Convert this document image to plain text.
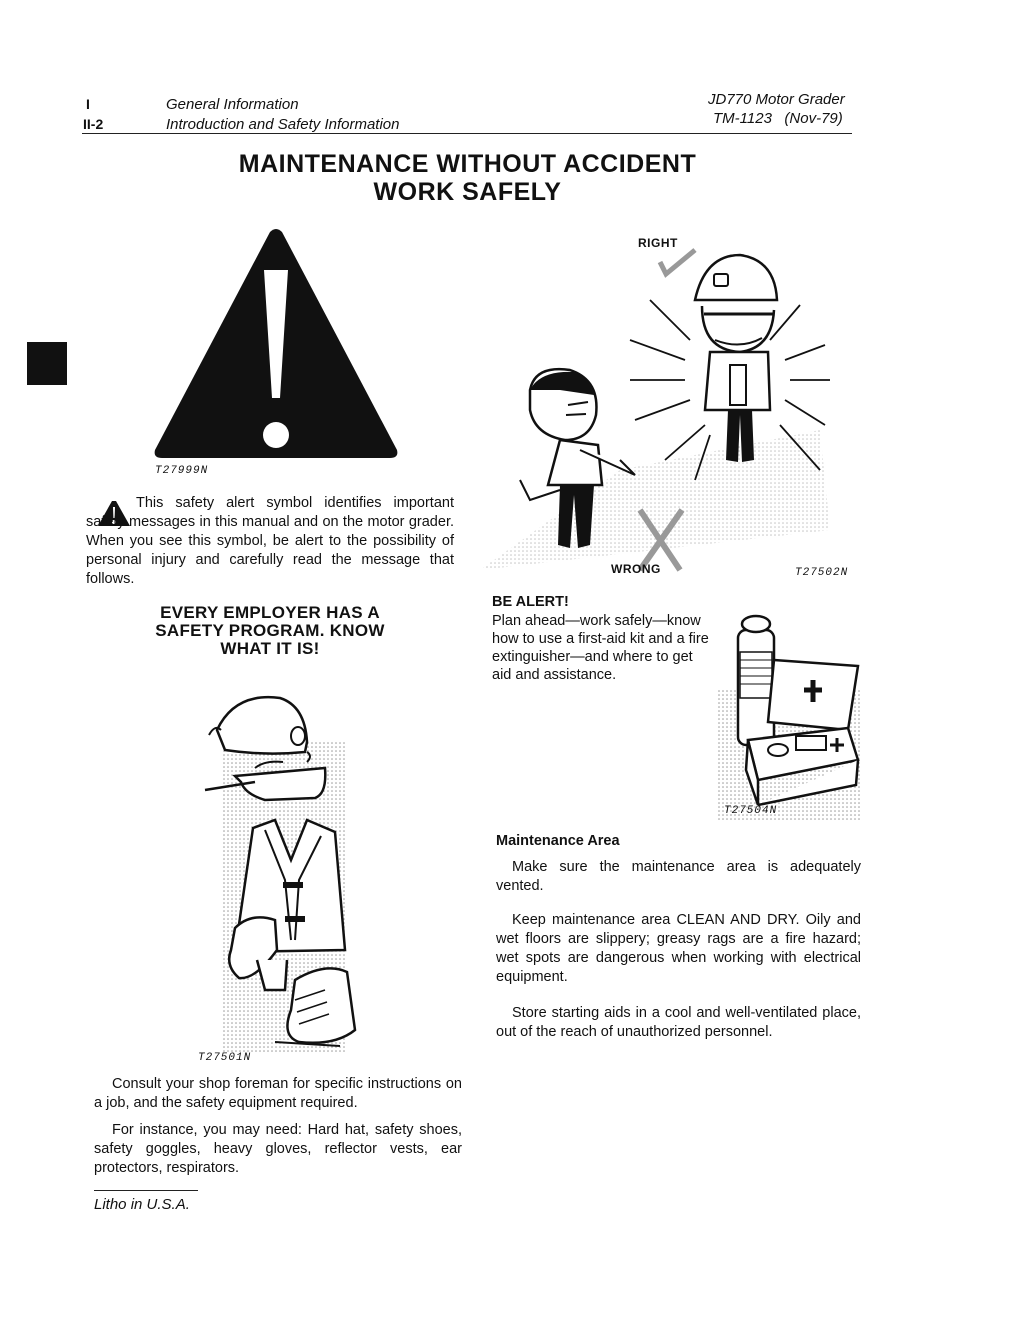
I
II-2
General Information
Introduction and Safety Information
JD770 Motor Grader
TM-1123   (Nov-79)
MAINTENANCE WITHOUT ACCIDENT
WORK SAFELY
T27999N
This safety alert symbol identifies important safety messages in this manual and on the motor grader. When you see this symbol, be alert to the possibility of personal injury and carefully read the message that follows.
EVERY EMPLOYER HAS A SAFETY PROGRAM. KNOW WHAT IT IS!
T27501N
Consult your shop foreman for specific instructions on a job, and the safety equipment required.
For instance, you may need: Hard hat, safety shoes, safety goggles, heavy gloves, reflector vests, ear protectors, respirators.
Litho in U.S.A.
RIGHT
WRONG	T27502N
BE ALERT!
Plan ahead—work safely—know how to use a first-aid kit and a fire extinguisher—and where to get aid and assistance.
T27504N
Maintenance Area
Make sure the maintenance area is adequately vented.
Keep maintenance area CLEAN AND DRY. Oily and wet floors are slippery; greasy rags are a fire hazard; wet spots are dangerous when working with electrical equipment.
Store starting aids in a cool and well-ventilated place, out of the reach of unauthorized personnel.
